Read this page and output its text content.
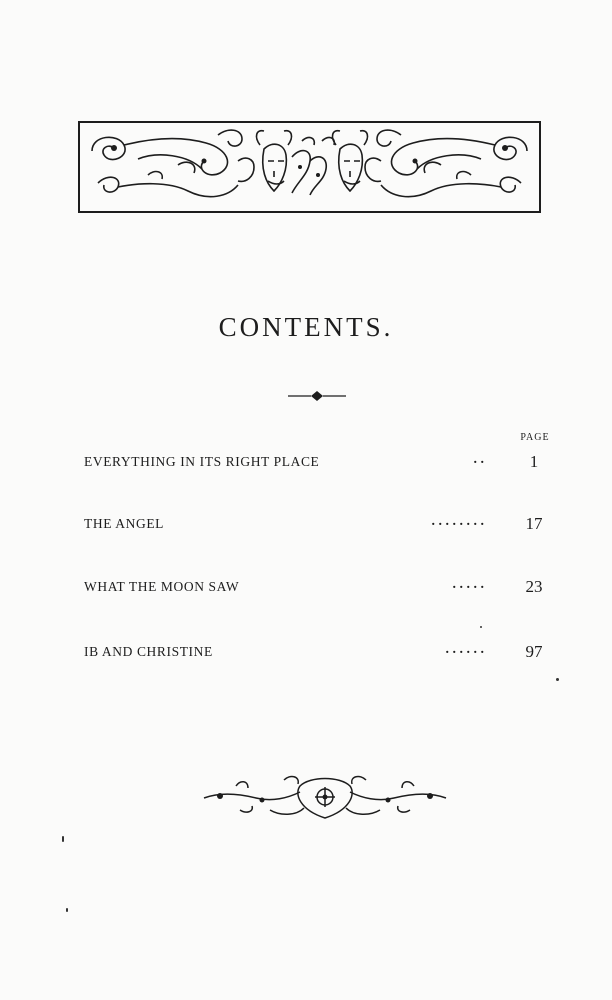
CONTENTS.
PAGE
EVERYTHING IN ITS RIGHT PLACE	. .	1
THE ANGEL	. . . . . . . .	17
WHAT THE MOON SAW	. . . . .	23
IB AND CHRISTINE	. . . . . .	97
